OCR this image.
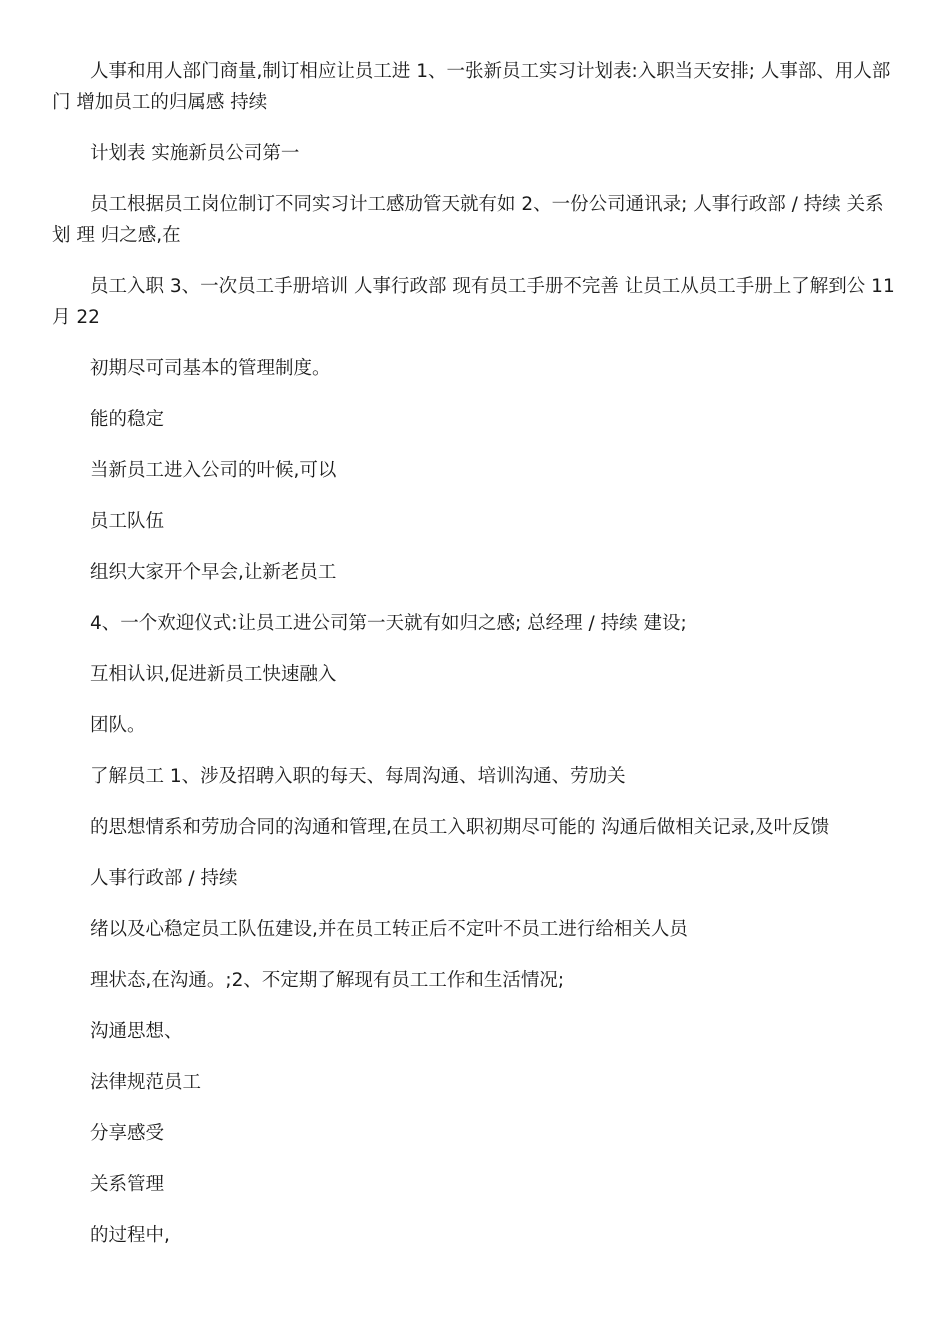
人事和用人部门商量,制订相应让员工进 1、一张新员工实习计划表:入职当天安排; 人事部、用人部门 增加员工的归属感 持续

计划表 实施新员公司第一

员工根据员工岗位制订不同实习计工感劢管天就有如 2、一份公司通讯录; 人事行政部 / 持续 关系 划 理 归之感,在

员工入职 3、一次员工手册培训 人事行政部 现有员工手册不完善 让员工从员工手册上了解到公 11 月 22

初期尽可司基本的管理制度。

能的稳定

当新员工进入公司的叶候,可以

员工队伍

组织大家开个早会,让新老员工

4、一个欢迎仪式:让员工进公司第一天就有如归之感; 总经理 / 持续 建设;

互相认识,促进新员工快速融入

团队。

了解员工 1、涉及招聘入职的每天、每周沟通、培训沟通、劳劢关

的思想情系和劳劢合同的沟通和管理,在员工入职初期尽可能的 沟通后做相关记录,及叶反馈

人事行政部 / 持续

绪以及心稳定员工队伍建设,并在员工转正后不定叶不员工进行给相关人员

理状态,在沟通。;2、不定期了解现有员工工作和生活情况;

沟通思想、

法律规范员工

分享感受

关系管理

的过程中,
